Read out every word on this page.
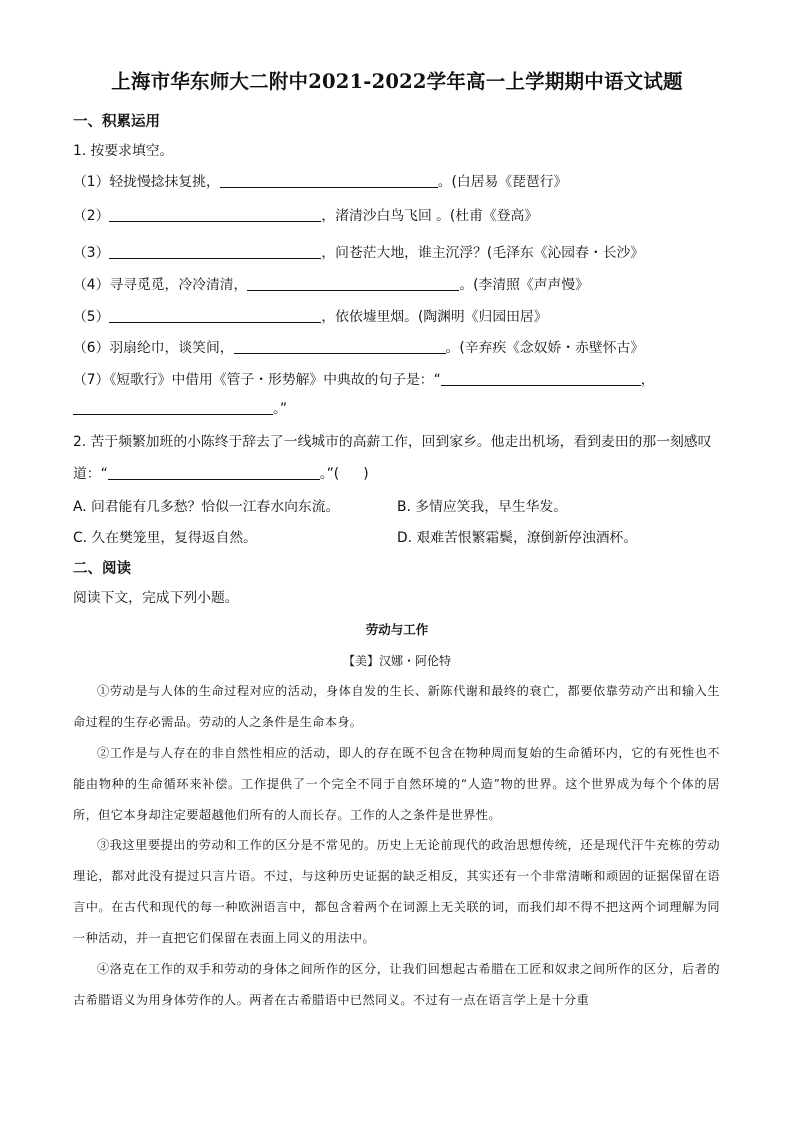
上海市华东师大二附中2021-2022学年高一上学期期中语文试题
一、积累运用
1. 按要求填空。
（1）轻拢慢捻抹复挑，	。(白居易《琵琶行》
（2）	，渚清沙白鸟飞回 。(杜甫《登高》
（3）	，问苍茫大地，谁主沉浮？(毛泽东《沁园春・长沙》
（4）寻寻觅觅，冷冷清清，	。(李清照《声声慢》
（5）	，依依墟里烟。(陶渊明《归园田居》
（6）羽扇纶巾，谈笑间，	。(辛弃疾《念奴娇・赤壁怀古》
（7）《短歌行》中借用《管子・形势解》中典故的句子是：“	，
。”
2. 苦于频繁加班的小陈终于辞去了一线城市的高薪工作，回到家乡。他走出机场，看到麦田的那一刻感叹
道：“	。”( )
A. 问君能有几多愁？恰似一江春水向东流。	B. 多情应笑我，早生华发。
C. 久在樊笼里，复得返自然。	D. 艰难苦恨繁霜鬓，潦倒新停浊酒杯。
二、阅读
阅读下文，完成下列小题。
劳动与工作
【美】汉娜・阿伦特
①劳动是与人体的生命过程对应的活动，身体自发的生长、新陈代谢和最终的衰亡，都要依靠劳动产出和输入生命过程的生存必需品。劳动的人之条件是生命本身。
②工作是与人存在的非自然性相应的活动，即人的存在既不包含在物种周而复始的生命循环内，它的有死性也不能由物种的生命循环来补偿。工作提供了一个完全不同于自然环境的“人造”物的世界。这个世界成为每个个体的居所，但它本身却注定要超越他们所有的人而长存。工作的人之条件是世界性。
③我这里要提出的劳动和工作的区分是不常见的。历史上无论前现代的政治思想传统，还是现代汗牛充栋的劳动理论，都对此没有提过只言片语。不过，与这种历史证据的缺乏相反，其实还有一个非常清晰和顽固的证据保留在语言中。在古代和现代的每一种欧洲语言中，都包含着两个在词源上无关联的词，而我们却不得不把这两个词理解为同一种活动，并一直把它们保留在表面上同义的用法中。
④洛克在工作的双手和劳动的身体之间所作的区分，让我们回想起古希腊在工匠和奴隶之间所作的区分，后者的古希腊语义为用身体劳作的人。两者在古希腊语中已然同义。不过有一点在语言学上是十分重
